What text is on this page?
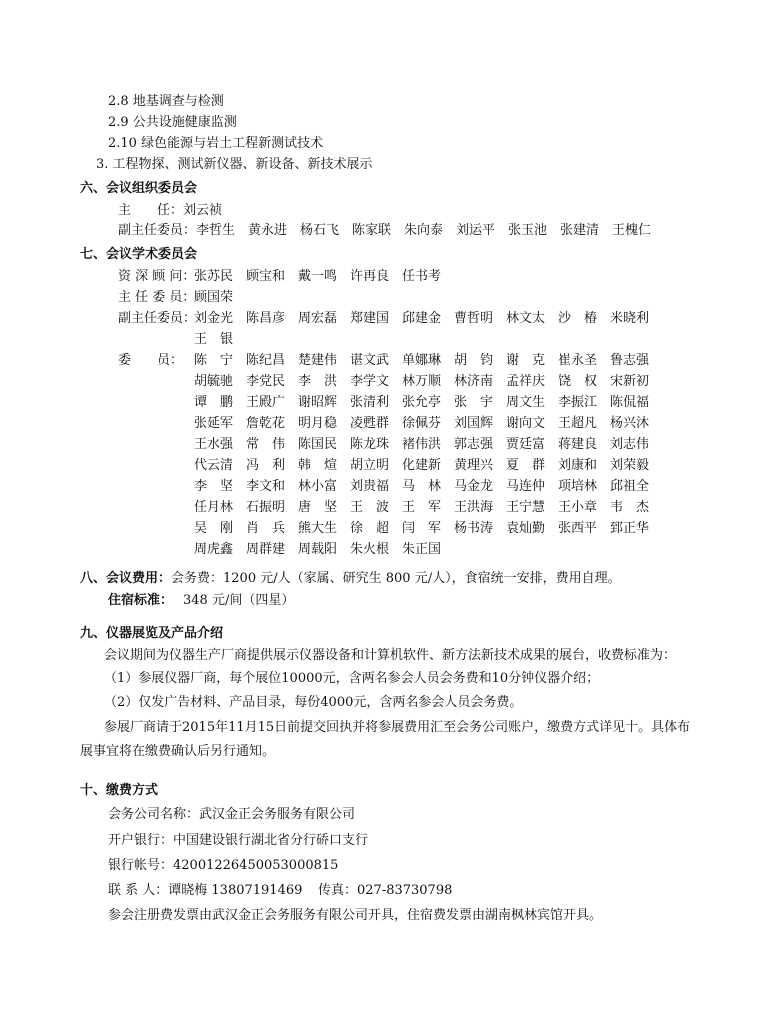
2.8 地基调查与检测
2.9 公共设施健康监测
2.10 绿色能源与岩土工程新测试技术
3. 工程物探、测试新仪器、新设备、新技术展示
六、会议组织委员会
主　　任： 刘云祯
副主任委员： 李哲生 黄永进 杨石飞 陈家联 朱向泰 刘运平 张玉池 张建清 王槐仁
七、会议学术委员会
资 深 顾 问：
张苏民 顾宝和 戴一鸣 许再良 任书考
主 任 委 员：
顾国荣
副主任委员：
刘金光 陈昌彦 周宏磊 郑建国 邱建金 曹哲明 林文太 沙　椿 米晓利
王　银
委　　员： 陈　宁 陈纪昌 楚建伟 谌文武 单娜琳 胡　钧 谢　克 崔永圣 鲁志强
胡毓驰 李党民 李　洪 李学文 林万顺 林济南 孟祥庆 饶　权 宋新初
谭　鹏 王殿广 谢昭辉 张清利 张允亭 张　宇 周文生 李振江 陈侃福
张延军 詹乾花 明月稳 凌甦群 徐佩芬 刘国辉 谢向文 王超凡 杨兴沐
王水强 常　伟 陈国民 陈龙珠 褚伟洪 郭志强 贾廷富 蒋建良 刘志伟
代云清 冯　利 韩　煊 胡立明 化建新 黄理兴 夏　群 刘康和 刘荣毅
李　坚 李文和 林小富 刘贵福 马　林 马金龙 马连仲 项培林 邱祖全
任月林 石振明 唐　坚 王　波 王　军 王洪海 王宁慧 王小章 韦　杰
吴　刚 肖　兵 熊大生 徐　超 闫　军 杨书涛 袁灿勤 张西平 郅正华
周虎鑫 周群建 周载阳 朱火根 朱正国
八、会议费用： 会务费：1200 元/人（家属、研究生 800 元/人），食宿统一安排，费用自理。
住宿标准： 348 元/间（四星）
九、仪器展览及产品介绍
会议期间为仪器生产厂商提供展示仪器设备和计算机软件、新方法新技术成果的展台，收费标准为：
（1）参展仪器厂商，每个展位10000元，含两名参会人员会务费和10分钟仪器介绍；
（2）仅发广告材料、产品目录，每份4000元，含两名参会人员会务费。
参展厂商请于2015年11月15日前提交回执并将参展费用汇至会务公司账户，缴费方式详见十。具体布
展事宜将在缴费确认后另行通知。
十、缴费方式
会务公司名称：武汉金正会务服务有限公司
开户银行：中国建设银行湖北省分行硚口支行
银行帐号：42001226450053000815
联 系 人：谭晓梅 13807191469 传真：027-83730798
参会注册费发票由武汉金正会务服务有限公司开具，住宿费发票由湖南枫林宾馆开具。
